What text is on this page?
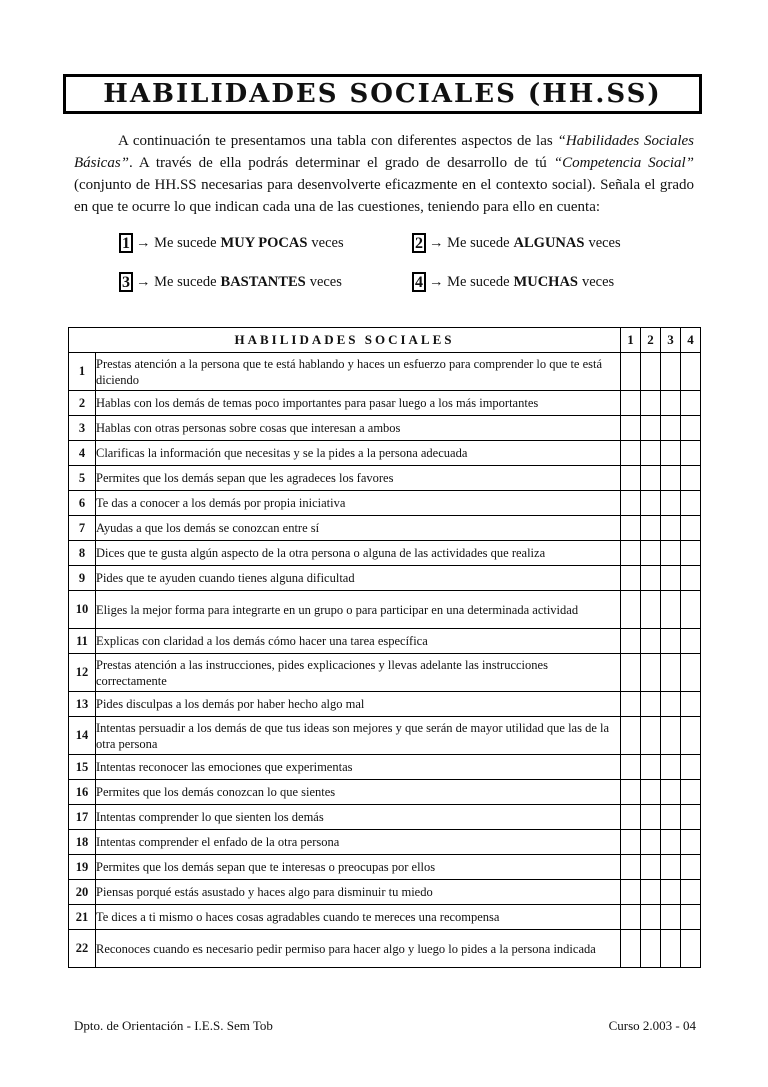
HABILIDADES SOCIALES (HH.SS)

A continuación te presentamos una tabla con diferentes aspectos de las “Habilidades Sociales Básicas”. A través de ella podrás determinar el grado de desarrollo de tú “Competencia Social” (conjunto de HH.SS necesarias para desenvolverte eficazmente en el contexto social). Señala el grado en que te ocurre lo que indican cada una de las cuestiones, teniendo para ello en cuenta:

1 → Me sucede MUY POCAS veces	2 → Me sucede ALGUNAS veces
3 → Me sucede BASTANTES veces	4 → Me sucede MUCHAS veces
HABILIDADES SOCIALES		1	2	3	4
1	Prestas atención a la persona que te está hablando y haces un esfuerzo para comprender lo que te está diciendo				
2	Hablas con los demás de temas poco importantes para pasar luego a los más importantes				
3	Hablas con otras personas sobre cosas que interesan a ambos				
4	Clarificas la información que necesitas y se la pides a la persona adecuada				
5	Permites que los demás sepan que les agradeces los favores				
6	Te das a conocer a los demás por propia iniciativa				
7	Ayudas a que los demás se conozcan entre sí				
8	Dices que te gusta algún aspecto de la otra persona o alguna de las actividades que realiza				
9	Pides que te ayuden cuando tienes alguna dificultad				
10	Eliges la mejor forma para integrarte en un grupo o para participar en una determinada actividad				
11	Explicas con claridad a los demás cómo hacer una tarea específica				
12	Prestas atención a las instrucciones, pides explicaciones y llevas adelante las instrucciones correctamente				
13	Pides disculpas a los demás por haber hecho algo mal				
14	Intentas persuadir a los demás de que tus ideas son mejores y que serán de mayor utilidad que las de la otra persona				
15	Intentas reconocer las emociones que experimentas				
16	Permites que los demás conozcan lo que sientes				
17	Intentas comprender lo que sienten los demás				
18	Intentas comprender el enfado de la otra persona				
19	Permites que los demás sepan que te interesas o preocupas por ellos				
20	Piensas porqué estás asustado y haces algo para disminuir tu miedo				
21	Te dices a ti mismo o haces cosas agradables cuando te mereces una recompensa				
22	Reconoces cuando es necesario pedir permiso para hacer algo y luego lo pides a la persona indicada				
Dpto. de Orientación - I.E.S. Sem Tob	Curso 2.003 - 04
